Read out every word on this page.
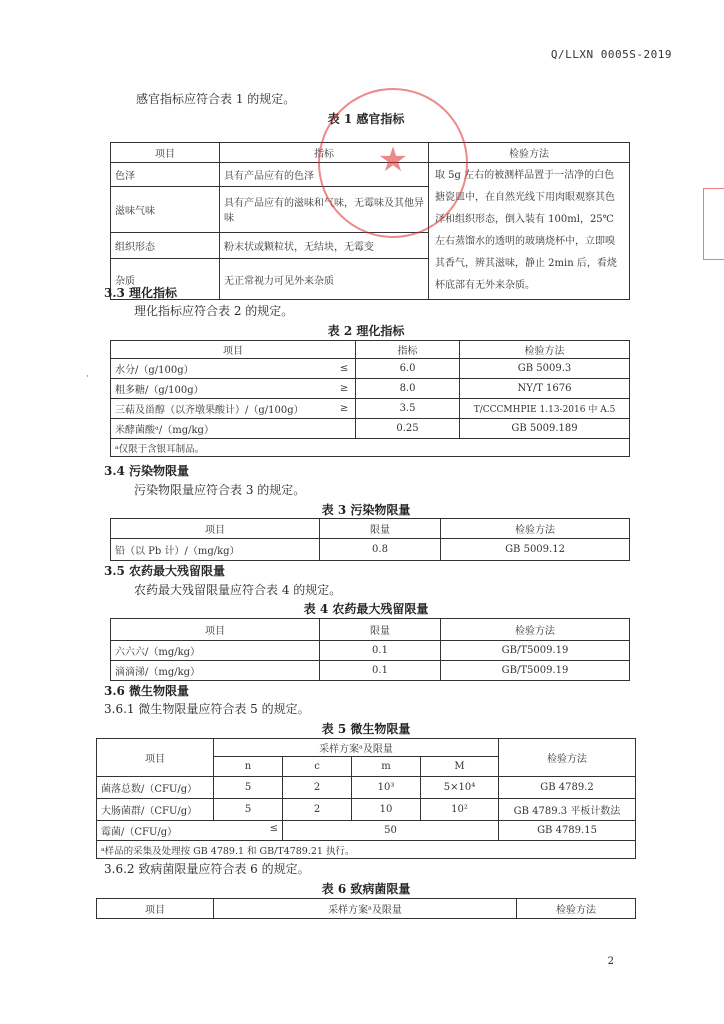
Q/LLXN 0005S-2019
感官指标应符合表 1 的规定。
表 1 感官指标
项目	指标	检验方法
色泽	具有产品应有的色泽	取 5g 左右的被测样品置于一洁净的白色搪瓷皿中，在自然光线下用肉眼观察其色泽和组织形态，倒入装有 100ml，25℃左右蒸馏水的透明的玻璃烧杯中，立即嗅其香气，辨其滋味，静止 2min 后，看烧杯底部有无外来杂质。
滋味气味	具有产品应有的滋味和气味，无霉味及其他异味	
组织形态	粉末状或颗粒状，无结块，无霉变	
杂质	无正常视力可见外来杂质	
3.3 理化指标
理化指标应符合表 2 的规定。
表 2 理化指标
项目		指标	检验方法
水分/（g/100g）	≤	6.0	GB 5009.3
粗多糖/（g/100g）	≥	8.0	NY/T 1676
三萜及甾醇（以齐墩果酸计）/（g/100g）	≥	3.5	T/CCCMHPIE 1.13-2016 中 A.5
米酵菌酸ᵃ/（mg/kg）		0.25	GB 5009.189
ᵃ仅限于含银耳制品。			
·
3.4 污染物限量
污染物限量应符合表 3 的规定。
表 3 污染物限量
项目	限量	检验方法
铅（以 Pb 计）/（mg/kg）	0.8	GB 5009.12
3.5 农药最大残留限量
农药最大残留限量应符合表 4 的规定。
表 4 农药最大残留限量
项目	限量	检验方法
六六六/（mg/kg）	0.1	GB/T5009.19
滴滴涕/（mg/kg）	0.1	GB/T5009.19
3.6 微生物限量
3.6.1 微生物限量应符合表 5 的规定。
表 5 微生物限量
项目	采样方案ᵃ及限量				检验方法
	n	c	m	M	
菌落总数/（CFU/g）	5	2	10³	5×10⁴	GB 4789.2
大肠菌群/（CFU/g）	5	2	10	10²	GB 4789.3 平板计数法
霉菌/（CFU/g） ≤		50			GB 4789.15
ᵃ样品的采集及处理按 GB 4789.1 和 GB/T4789.21 执行。					
3.6.2 致病菌限量应符合表 6 的规定。
表 6 致病菌限量
项目	采样方案ᵃ及限量	检验方法
★
2
